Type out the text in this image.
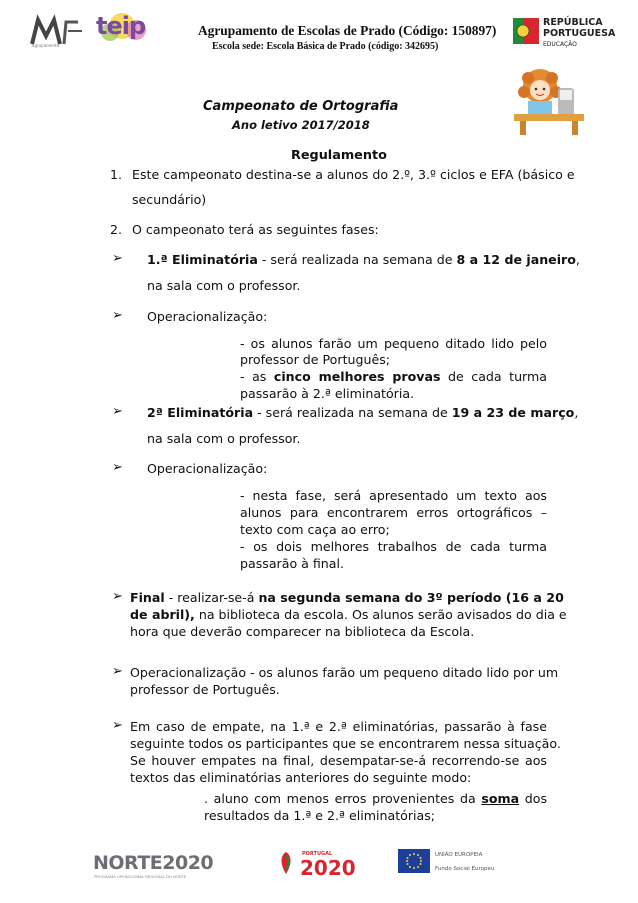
agrupamento
teip	Agrupamento de Escolas de Prado (Código: 150897)
Escola sede: Escola Básica de Prado (código: 342695)
REPÚBLICA
PORTUGUESA
EDUCAÇÃO
Campeonato de Ortografia
Ano letivo 2017/2018
Regulamento
1. Este campeonato destina-se a alunos do 2.º, 3.º ciclos e EFA (básico e
secundário)
2. O campeonato terá as seguintes fases:
➢ 1.ª Eliminatória - será realizada na semana de 8 a 12 de janeiro,
na sala com o professor.
➢ Operacionalização:
- os alunos farão um pequeno ditado lido pelo
professor de Português;
- as cinco melhores provas de cada turma
passarão à 2.ª eliminatória.
➢ 2ª Eliminatória - será realizada na semana de 19 a 23 de março,
na sala com o professor.
➢ Operacionalização:
- nesta fase, será apresentado um texto aos
alunos para encontrarem erros ortográficos –
texto com caça ao erro;
- os dois melhores trabalhos de cada turma
passarão à final.
➢ Final - realizar-se-á na segunda semana do 3º período (16 a 20
de abril), na biblioteca da escola. Os alunos serão avisados do dia e
hora que deverão comparecer na biblioteca da Escola.
➢ Operacionalização - os alunos farão um pequeno ditado lido por um
professor de Português.
➢ Em caso de empate, na 1.ª e 2.ª eliminatórias, passarão à fase
seguinte todos os participantes que se encontrarem nessa situação.
Se houver empates na final, desempatar-se-á recorrendo-se aos
textos das eliminatórias anteriores do seguinte modo:
. aluno com menos erros provenientes da soma dos
resultados da 1.ª e 2.ª eliminatórias;
NORTE2020
PROGRAMA OPERACIONAL REGIONAL DO NORTE
PORTUGAL
2020
UNIÃO EUROPEIA
Fundo Social Europeu
